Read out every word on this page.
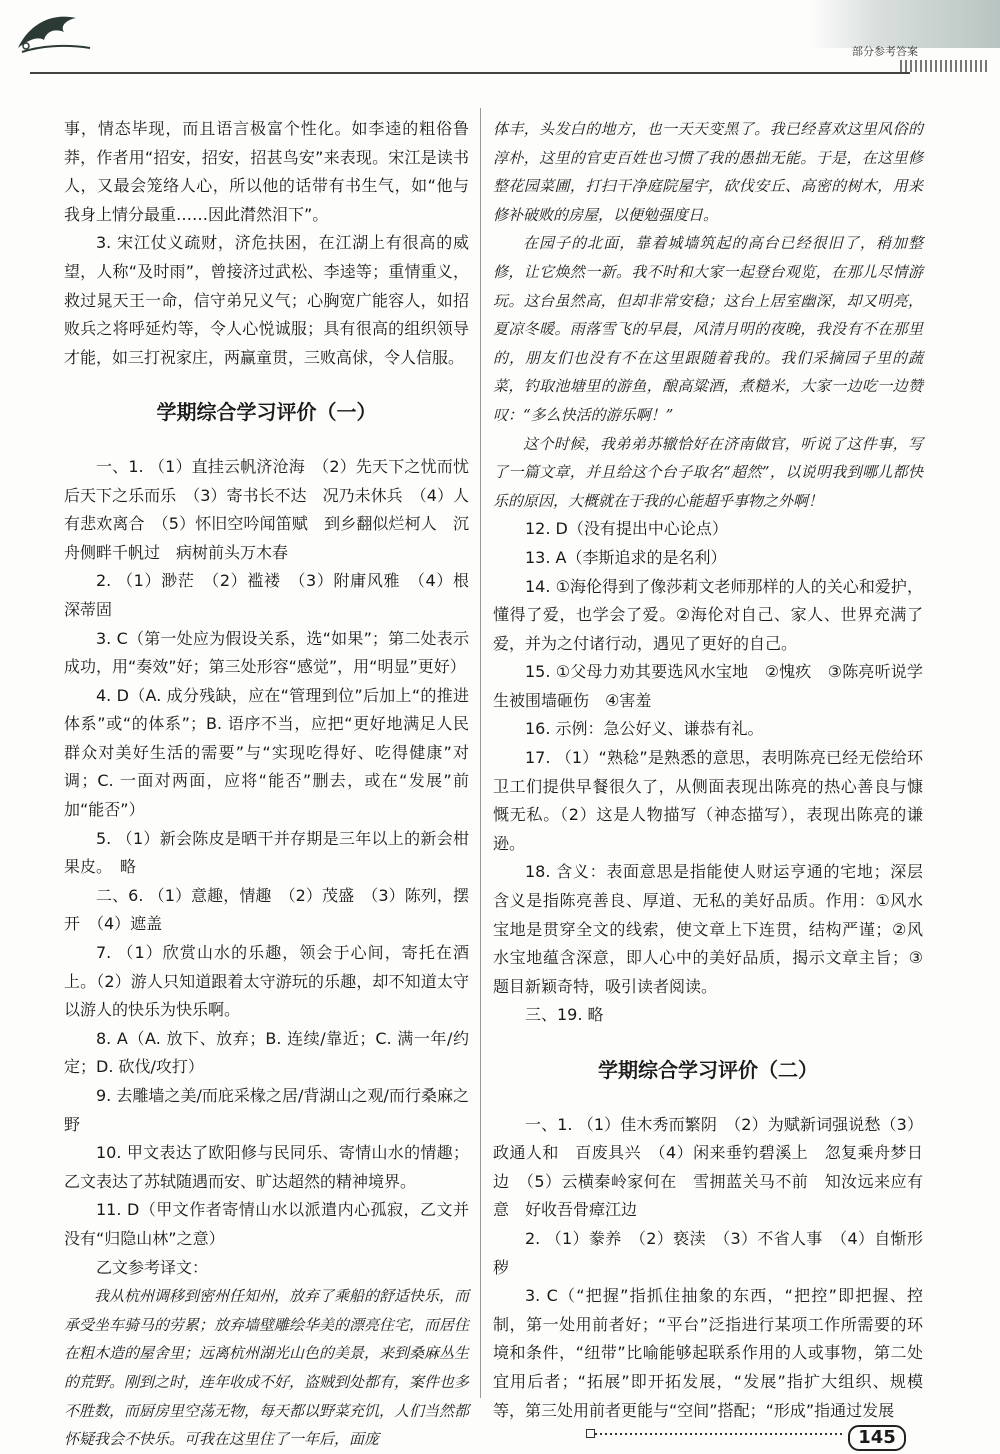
部分参考答案

事，情态毕现，而且语言极富个性化。如李逵的粗俗鲁莽，作者用“招安，招安，招甚鸟安”来表现。宋江是读书人，又最会笼络人心，所以他的话带有书生气，如“他与我身上情分最重……因此潸然泪下”。

3. 宋江仗义疏财，济危扶困，在江湖上有很高的威望，人称“及时雨”，曾接济过武松、李逵等；重情重义，救过晁天王一命，信守弟兄义气；心胸宽广能容人，如招败兵之将呼延灼等，令人心悦诚服；具有很高的组织领导才能，如三打祝家庄，两赢童贯，三败高俅，令人信服。

学期综合学习评价（一）

一、1. （1）直挂云帆济沧海　（2）先天下之忧而忧后天下之乐而乐　（3）寄书长不达　况乃未休兵　（4）人有悲欢离合　（5）怀旧空吟闻笛赋　到乡翻似烂柯人　沉舟侧畔千帆过　病树前头万木春

2. （1）渺茫　（2）褴褛　（3）附庸风雅　（4）根深蒂固

3. C（第一处应为假设关系，选“如果”；第二处表示成功，用“奏效”好；第三处形容“感觉”，用“明显”更好）

4. D（A. 成分残缺，应在“管理到位”后加上“的推进体系”或“的体系”；B. 语序不当，应把“更好地满足人民群众对美好生活的需要”与“实现吃得好、吃得健康”对调；C. 一面对两面，应将“能否”删去，或在“发展”前加“能否”）

5. （1）新会陈皮是晒干并存期是三年以上的新会柑果皮。　略

二、6. （1）意趣，情趣　（2）茂盛　（3）陈列，摆开　（4）遮盖

7. （1）欣赏山水的乐趣，领会于心间，寄托在酒上。（2）游人只知道跟着太守游玩的乐趣，却不知道太守以游人的快乐为快乐啊。

8. A（A. 放下、放弃；B. 连续/靠近；C. 满一年/约定；D. 砍伐/攻打）

9. 去雕墙之美/而庇采椽之居/背湖山之观/而行桑麻之野

10. 甲文表达了欧阳修与民同乐、寄情山水的情趣；乙文表达了苏轼随遇而安、旷达超然的精神境界。

11. D（甲文作者寄情山水以派遣内心孤寂，乙文并没有“归隐山林”之意）

乙文参考译文：

我从杭州调移到密州任知州，放弃了乘船的舒适快乐，而承受坐车骑马的劳累；放弃墙壁雕绘华美的漂亮住宅，而居住在粗木造的屋舍里；远离杭州湖光山色的美景，来到桑麻丛生的荒野。刚到之时，连年收成不好，盗贼到处都有，案件也多不胜数，而厨房里空荡无物，每天都以野菜充饥，人们当然都怀疑我会不快乐。可我在这里住了一年后，面庞

体丰，头发白的地方，也一天天变黑了。我已经喜欢这里风俗的淳朴，这里的官吏百姓也习惯了我的愚拙无能。于是，在这里修整花园菜圃，打扫干净庭院屋宇，砍伐安丘、高密的树木，用来修补破败的房屋，以便勉强度日。

在园子的北面，靠着城墙筑起的高台已经很旧了，稍加整修，让它焕然一新。我不时和大家一起登台观览，在那儿尽情游玩。这台虽然高，但却非常安稳；这台上居室幽深，却又明亮，夏凉冬暖。雨落雪飞的早晨，风清月明的夜晚，我没有不在那里的，朋友们也没有不在这里跟随着我的。我们采摘园子里的蔬菜，钓取池塘里的游鱼，酿高粱酒，煮糙米，大家一边吃一边赞叹：“多么快活的游乐啊！”

这个时候，我弟弟苏辙恰好在济南做官，听说了这件事，写了一篇文章，并且给这个台子取名“超然”，以说明我到哪儿都快乐的原因，大概就在于我的心能超乎事物之外啊！

12. D（没有提出中心论点）

13. A（李斯追求的是名利）

14. ①海伦得到了像莎莉文老师那样的人的关心和爱护，懂得了爱，也学会了爱。②海伦对自己、家人、世界充满了爱，并为之付诸行动，遇见了更好的自己。

15. ①父母力劝其要选风水宝地　②愧疚　③陈亮听说学生被围墙砸伤　④害羞

16. 示例：急公好义、谦恭有礼。

17. （1）“熟稔”是熟悉的意思，表明陈亮已经无偿给环卫工们提供早餐很久了，从侧面表现出陈亮的热心善良与慷慨无私。（2）这是人物描写（神态描写），表现出陈亮的谦逊。

18. 含义：表面意思是指能使人财运亨通的宅地；深层含义是指陈亮善良、厚道、无私的美好品质。作用：①风水宝地是贯穿全文的线索，使文章上下连贯，结构严谨；②风水宝地蕴含深意，即人心中的美好品质，揭示文章主旨；③题目新颖奇特，吸引读者阅读。

三、19. 略

学期综合学习评价（二）

一、1. （1）佳木秀而繁阴　（2）为赋新词强说愁（3）政通人和　百废具兴　（4）闲来垂钓碧溪上　忽复乘舟梦日边　（5）云横秦岭家何在　雪拥蓝关马不前　知汝远来应有意　好收吾骨瘴江边

2. （1）豢养　（2）亵渎　（3）不省人事　（4）自惭形秽

3. C（“把握”指抓住抽象的东西，“把控”即把握、控制，第一处用前者好；“平台”泛指进行某项工作所需要的环境和条件，“纽带”比喻能够起联系作用的人或事物，第二处宜用后者；“拓展”即开拓发展，“发展”指扩大组织、规模等，第三处用前者更能与“空间”搭配；“形成”指通过发展

145
